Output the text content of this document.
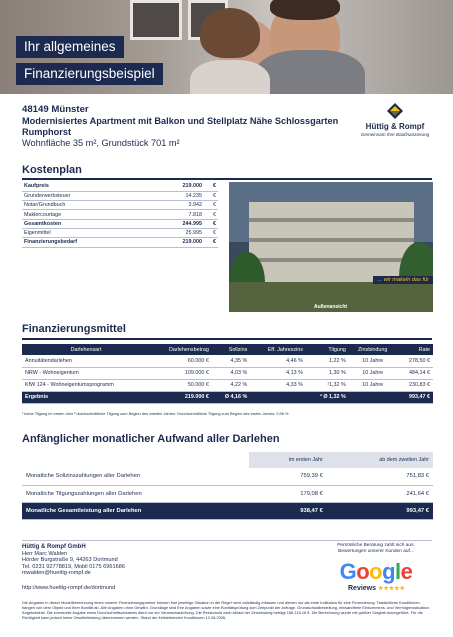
Ihr allgemeines
Finanzierungsbeispiel
48149 Münster
Modernisiertes Apartment mit Balkon und Stellplatz Nähe Schlossgarten
Rumphorst
Wohnfläche 35 m², Grundstück 701 m²
Hüttig & Rompf
Gemeinsam Ihre Baufinanzierung
Kostenplan
Kaufpreis	219.000	€
Grunderwerbsteuer	14.235	€
Notar/Grundbuch	3.942	€
Maklercourtage	7.818	€
Gesamtkosten	244.995	€
Eigenmittel	25.995	€
Finanzierungsbedarf	219.000	€
... wir makeln das für
Außenansicht
Finanzierungsmittel
Darlehensart	Darlehensbetrag	Sollzins	Eff. Jahreszins	Tilgung	Zinsbindung	Rate
Annuitätendarlehen	60.000 €	4,35 %	4,46 %	1,22 %	10 Jahre	278,50 €
NRW - Wohneigentum	109.000 €	4,03 %	4,13 %	1,30 %	10 Jahre	484,14 €
KfW 124 - Wohneigentumsprogramm	50.000 €	4,22 %	4,33 %	¹1,32 %	10 Jahre	230,83 €
Ergebnis	219.000 €	Ø 4,16 %		² Ø 1,32 %		993,47 €
¹ keine Tilgung im ersten Jahr ² durchschnittliche Tilgung zum Beginn des zweiten Jahres. Durchschnittliche Tilgung zum Beginn des ersten Jahres: 0,96 %
Anfänglicher monatlicher Aufwand aller Darlehen
	im ersten Jahr	ab dem zweiten Jahr
Monatliche Sollzinszahlungen aller Darlehen	759,39 €	751,83 €
Monatliche Tilgungszahlungen aller Darlehen	179,08 €	241,64 €
Monatliche Gesamtleistung aller Darlehen	938,47 €	993,47 €
Hüttig & Rompf GmbH
Herr Marc Walden
Hörder Burgstraße 9, 44263 Dortmund
Tel. 0231 92778819, Mobil 0175 6961686
mwalden@huettig-rompf.de
http://www.huettig-rompf.de/dortmund
Persönliche Beratung zahlt sich aus.
Bewertungen unserer Kunden auf...
Google
Reviews ★★★★★
Die Angaben in dieser Modellberechnung eines unserer Finanzierungspartner können Ihre jeweilige Situation in der Regel nicht vollständig erfassen und dienen nur als erste Indikation für eine Finanzierung. Tatsächliche Konditionen hängen von dem Objekt und Ihrer Bonität ab. Alle Angaben ohne Gewähr. Grundlage sind Ihre Angaben sowie eine Bonitätsprüfung zum Zeitpunkt der Anfrage. Grundschuldbestellung, einwandfreie Einkommens- und Vermögenssituation. Angebotsfrist. Die eventuelle Angabe eines Durchschnittszinsatzes dient nur zur Veranschaulichung. Die Restschuld nach Ablauf der Zinsbindung beträgt 185.215,16 €. Die Berechnung wurde mit größter Sorgfalt durchgeführt. Für die Richtigkeit kann jedoch keine Gewährleistung übernommen werden. Stand der freibleibenden Konditionen 12.08.2026.
